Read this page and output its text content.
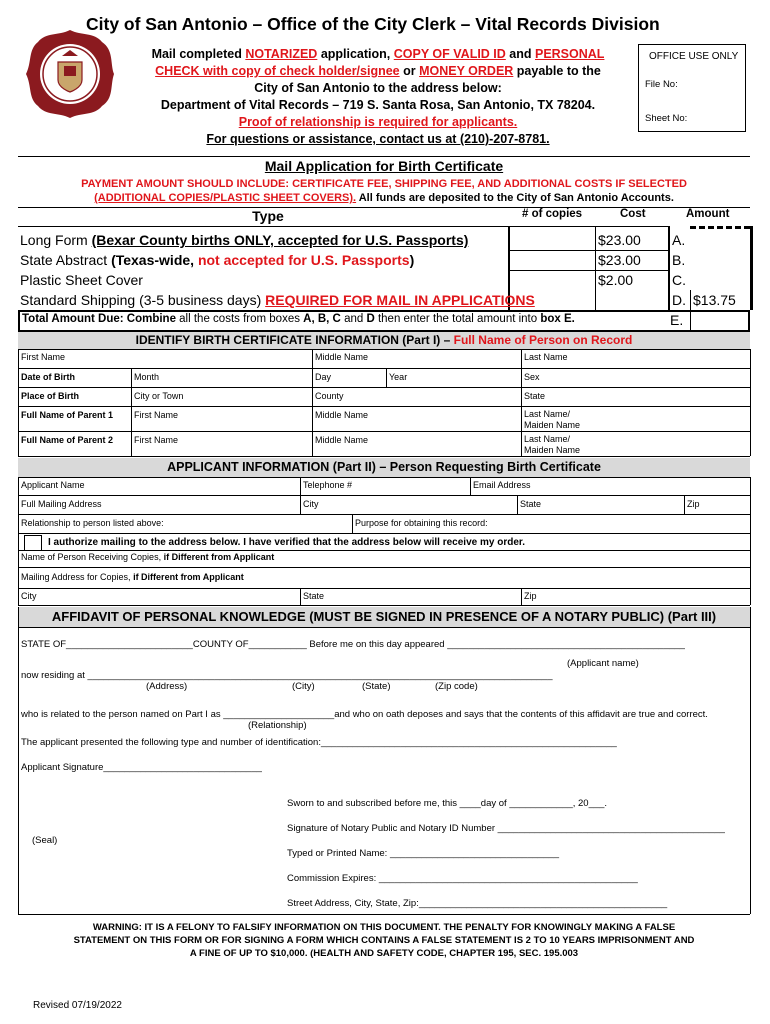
City of San Antonio – Office of the City Clerk – Vital Records Division
Mail completed NOTARIZED application, COPY OF VALID ID and PERSONAL
CHECK with copy of check holder/signee or MONEY ORDER payable to the
City of San Antonio to the address below:
Department of Vital Records – 719 S. Santa Rosa, San Antonio, TX 78204.
Proof of relationship is required for applicants.
For questions or assistance, contact us at (210)-207-8781.
OFFICE USE ONLY
File No:
Sheet No:
Mail Application for Birth Certificate
PAYMENT AMOUNT SHOULD INCLUDE: CERTIFICATE FEE, SHIPPING FEE, AND ADDITIONAL COSTS IF SELECTED
(ADDITIONAL COPIES/PLASTIC SHEET COVERS). All funds are deposited to the City of San Antonio Accounts.
Type	# of copies	Cost	Amount
Long Form (Bexar County births ONLY, accepted for U.S. Passports)	$23.00 A.
State Abstract (Texas-wide, not accepted for U.S. Passports)	$23.00 B.
Plastic Sheet Cover	$2.00	C.
Standard Shipping (3-5 business days) REQUIRED FOR MAIL IN APPLICATIONS	D. $13.75
Total Amount Due: Combine all the costs from boxes A, B, C and D then enter the total amount into box E.	E.
IDENTIFY BIRTH CERTIFICATE INFORMATION (Part I) – Full Name of Person on Record
First Name	Middle Name	Last Name
Date of Birth	Month	Day	Year	Sex
Place of Birth	City or Town	County	State
Full Name of Parent 1 First Name	Middle Name	Last Name/
Maiden Name
Full Name of Parent 2 First Name	Middle Name	Last Name/
Maiden Name
APPLICANT INFORMATION (Part II) – Person Requesting Birth Certificate
Applicant Name	Telephone #	Email Address
Full Mailing Address	City	State	Zip
Relationship to person listed above:	Purpose for obtaining this record:
I authorize mailing to the address below. I have verified that the address below will receive my order.
Name of Person Receiving Copies, if Different from Applicant
Mailing Address for Copies, if Different from Applicant
City	State	Zip
AFFIDAVIT OF PERSONAL KNOWLEDGE (MUST BE SIGNED IN PRESENCE OF A NOTARY PUBLIC) (Part III)
STATE OF________________________COUNTY OF___________ Before me on this day appeared _____________________________________________
(Applicant name)
now residing at ________________________________________________________________________________________
(Address)	(City)	(State)	(Zip code)
who is related to the person named on Part I as _____________________and who on oath deposes and says that the contents of this affidavit are true and correct.
(Relationship)
The applicant presented the following type and number of identification:________________________________________________________
Applicant Signature______________________________
Sworn to and subscribed before me, this ____day of ____________, 20___.
Signature of Notary Public and Notary ID Number ___________________________________________
(Seal)
Typed or Printed Name: ________________________________
Commission Expires: _________________________________________________
Street Address, City, State, Zip:_______________________________________________
WARNING: IT IS A FELONY TO FALSIFY INFORMATION ON THIS DOCUMENT. THE PENALTY FOR KNOWINGLY MAKING A FALSE
STATEMENT ON THIS FORM OR FOR SIGNING A FORM WHICH CONTAINS A FALSE STATEMENT IS 2 TO 10 YEARS IMPRISONMENT AND
A FINE OF UP TO $10,000. (HEALTH AND SAFETY CODE, CHAPTER 195, SEC. 195.003
Revised 07/19/2022
